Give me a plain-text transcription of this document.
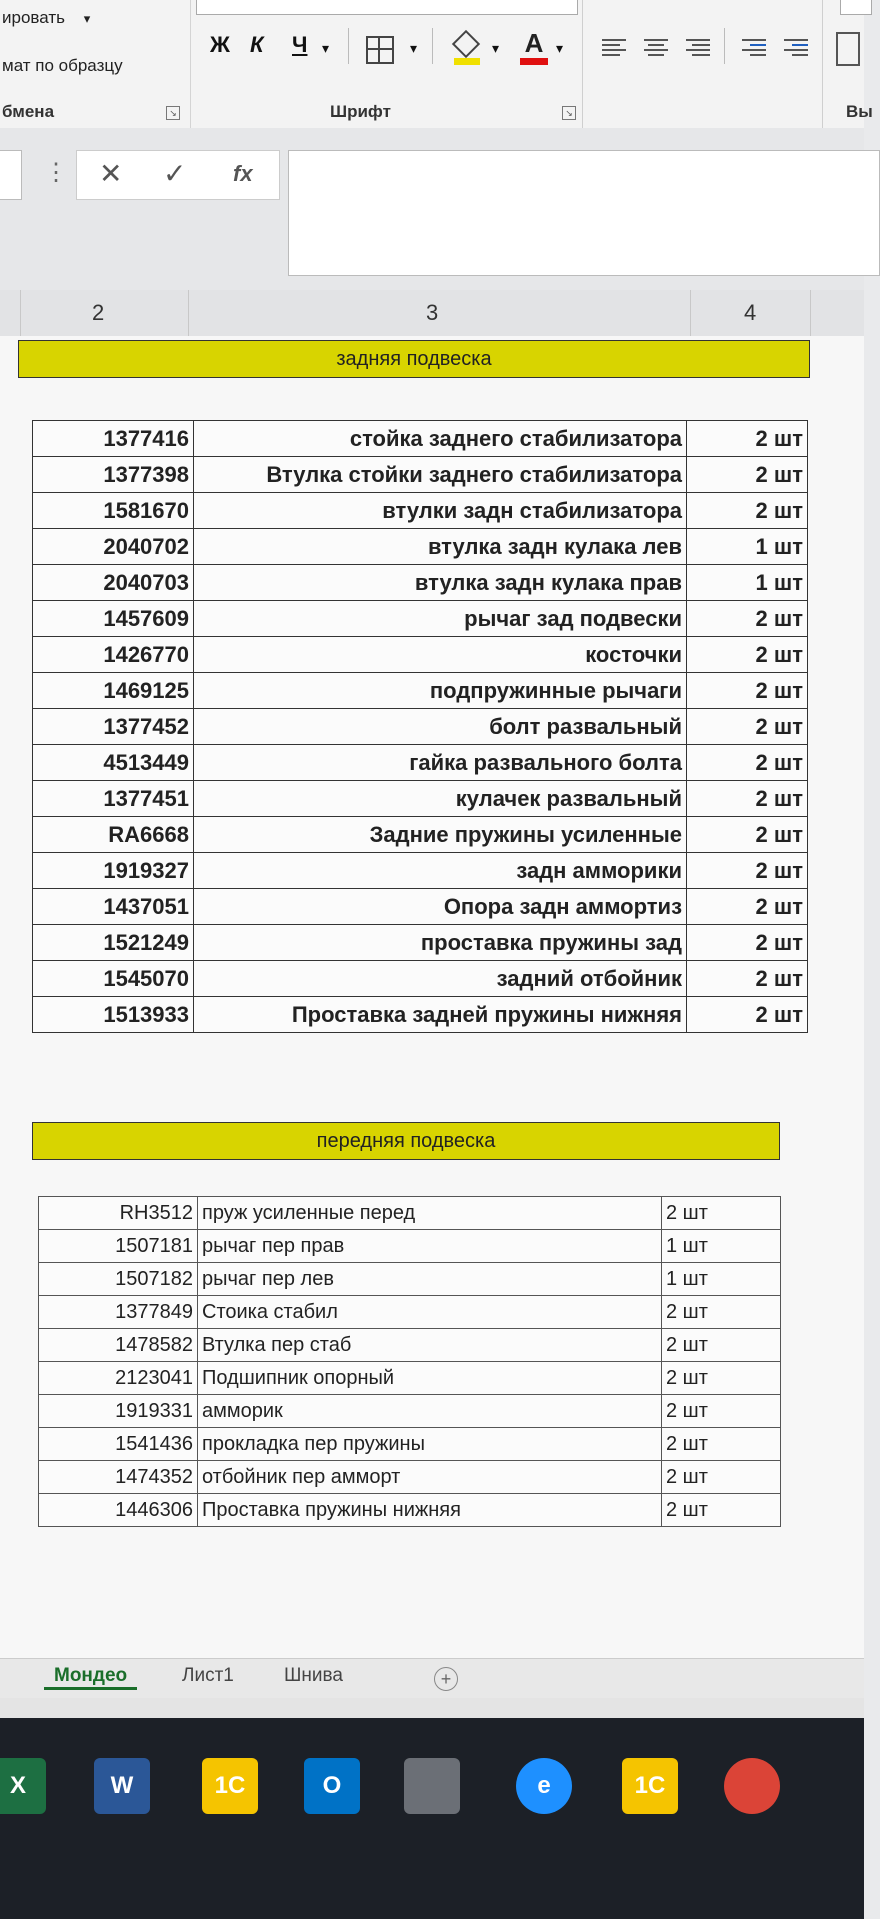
ировать ▾
мат по образцу
бмена	↘
Ж К Ч ▾	▾	▾ А ▾
Шрифт	↘	Вы
⋮ ✕ ✓ fx
2	3	4
задняя подвеска
1377416	стойка заднего стабилизатора	2 шт
1377398	Втулка стойки заднего стабилизатора	2 шт
1581670	втулки задн стабилизатора	2 шт
2040702	втулка задн кулака лев	1 шт
2040703	втулка задн кулака прав	1 шт
1457609	рычаг зад подвески	2 шт
1426770	косточки	2 шт
1469125	подпружинные рычаги	2 шт
1377452	болт развальный	2 шт
4513449	гайка развального болта	2 шт
1377451	кулачек развальный	2 шт
RA6668	Задние пружины усиленные	2 шт
1919327	задн амморики	2 шт
1437051	Опора задн аммортиз	2 шт
1521249	проставка пружины зад	2 шт
1545070	задний отбойник	2 шт
1513933	Проставка задней пружины нижняя	2 шт
передняя подвеска
RH3512	пруж усиленные перед	2 шт
1507181	рычаг пер прав	1 шт
1507182	рычаг пер лев	1 шт
1377849	Стоика стабил	2 шт
1478582	Втулка пер стаб	2 шт
2123041	Подшипник опорный	2 шт
1919331	амморик	2 шт
1541436	прокладка пер пружины	2 шт
1474352	отбойник пер амморт	2 шт
1446306	Проставка пружины нижняя	2 шт
Мондео	Лист1	Шнива	+
X	W	1С	O	e	1С
